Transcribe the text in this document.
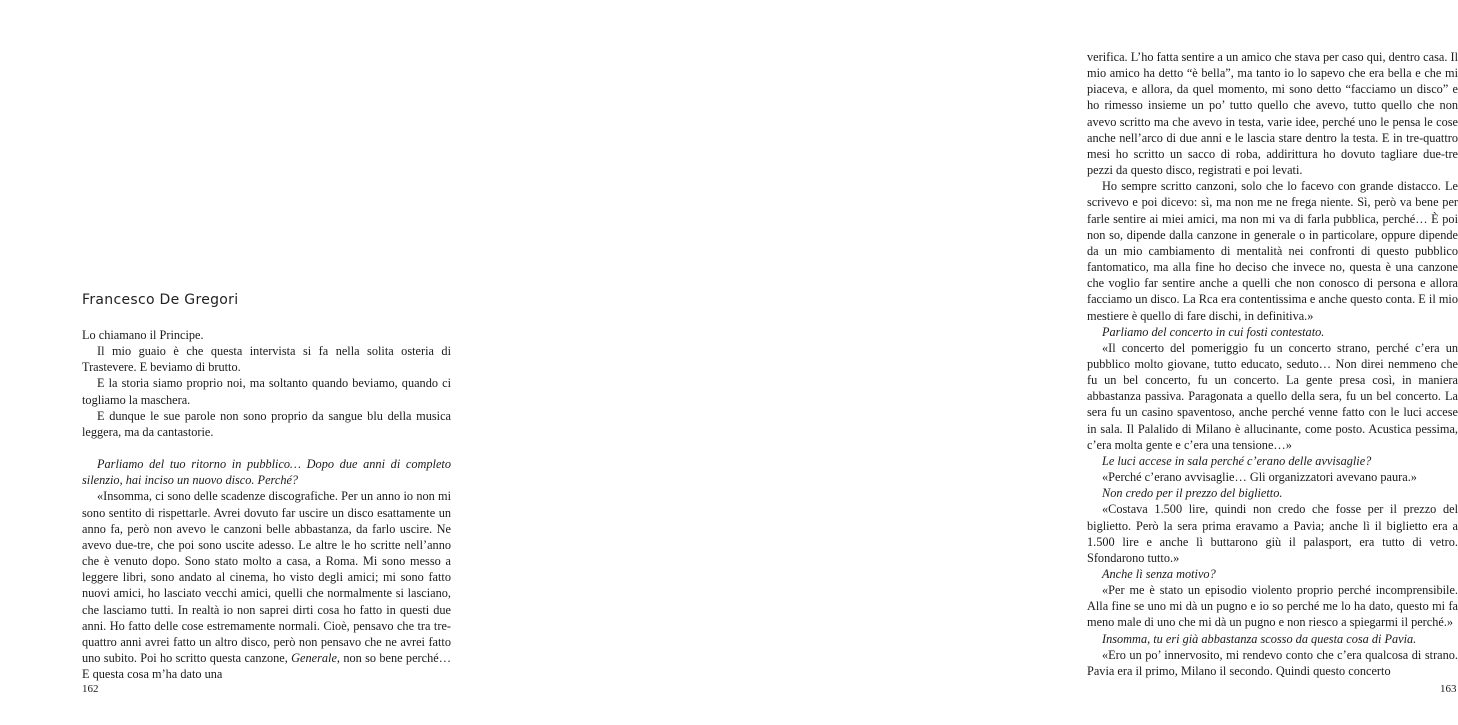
Francesco De Gregori

Lo chiamano il Principe.

Il mio guaio è che questa intervista si fa nella solita osteria di Trastevere. E beviamo di brutto.

E la storia siamo proprio noi, ma soltanto quando beviamo, quando ci togliamo la maschera.

E dunque le sue parole non sono proprio da sangue blu della musica leggera, ma da cantastorie.

Parliamo del tuo ritorno in pubblico… Dopo due anni di completo silenzio, hai inciso un nuovo disco. Perché?

«Insomma, ci sono delle scadenze discografiche. Per un anno io non mi sono sentito di rispettarle. Avrei dovuto far uscire un disco esattamente un anno fa, però non avevo le canzoni belle abbastanza, da farlo uscire. Ne avevo due-tre, che poi sono uscite adesso. Le altre le ho scritte nell’anno che è venuto dopo. Sono stato molto a casa, a Roma. Mi sono messo a leggere libri, sono andato al cinema, ho visto degli amici; mi sono fatto nuovi amici, ho lasciato vecchi amici, quelli che normalmente si lasciano, che lasciamo tutti. In realtà io non saprei dirti cosa ho fatto in questi due anni. Ho fatto delle cose estremamente normali. Cioè, pensavo che tra tre-quattro anni avrei fatto un altro disco, però non pensavo che ne avrei fatto uno subito. Poi ho scritto questa canzone, Generale, non so bene perché… E questa cosa m’ha dato una

162

verifica. L’ho fatta sentire a un amico che stava per caso qui, dentro casa. Il mio amico ha detto “è bella”, ma tanto io lo sapevo che era bella e che mi piaceva, e allora, da quel momento, mi sono detto “facciamo un disco” e ho rimesso insieme un po’ tutto quello che avevo, tutto quello che non avevo scritto ma che avevo in testa, varie idee, perché uno le pensa le cose anche nell’arco di due anni e le lascia stare dentro la testa. E in tre-quattro mesi ho scritto un sacco di roba, addirittura ho dovuto tagliare due-tre pezzi da questo disco, registrati e poi levati.

Ho sempre scritto canzoni, solo che lo facevo con grande distacco. Le scrivevo e poi dicevo: sì, ma non me ne frega niente. Sì, però va bene per farle sentire ai miei amici, ma non mi va di farla pubblica, perché… È poi non so, dipende dalla canzone in generale o in particolare, oppure dipende da un mio cambiamento di mentalità nei confronti di questo pubblico fantomatico, ma alla fine ho deciso che invece no, questa è una canzone che voglio far sentire anche a quelli che non conosco di persona e allora facciamo un disco. La Rca era contentissima e anche questo conta. E il mio mestiere è quello di fare dischi, in definitiva.»

Parliamo del concerto in cui fosti contestato.

«Il concerto del pomeriggio fu un concerto strano, perché c’era un pubblico molto giovane, tutto educato, seduto… Non direi nemmeno che fu un bel concerto, fu un concerto. La gente presa così, in maniera abbastanza passiva. Paragonata a quello della sera, fu un bel concerto. La sera fu un casino spaventoso, anche perché venne fatto con le luci accese in sala. Il Palalido di Milano è allucinante, come posto. Acustica pessima, c’era molta gente e c’era una tensione…»

Le luci accese in sala perché c’erano delle avvisaglie?

«Perché c’erano avvisaglie… Gli organizzatori avevano paura.»

Non credo per il prezzo del biglietto.

«Costava 1.500 lire, quindi non credo che fosse per il prezzo del biglietto. Però la sera prima eravamo a Pavia; anche lì il biglietto era a 1.500 lire e anche lì buttarono giù il palasport, era tutto di vetro. Sfondarono tutto.»

Anche lì senza motivo?

«Per me è stato un episodio violento proprio perché incomprensibile. Alla fine se uno mi dà un pugno e io so perché me lo ha dato, questo mi fa meno male di uno che mi dà un pugno e non riesco a spiegarmi il perché.»

Insomma, tu eri già abbastanza scosso da questa cosa di Pavia.

«Ero un po’ innervosito, mi rendevo conto che c’era qualcosa di strano. Pavia era il primo, Milano il secondo. Quindi questo concerto

163
